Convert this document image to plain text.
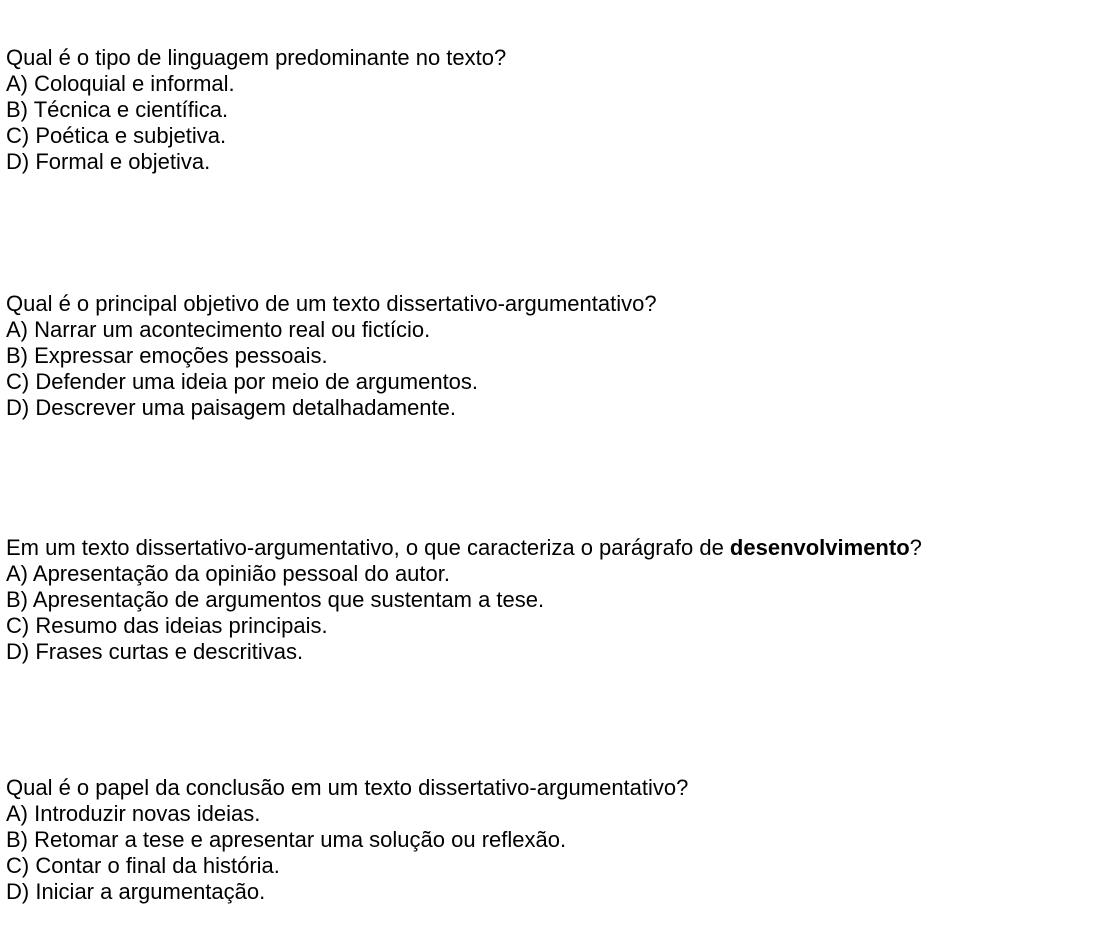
Qual é o tipo de linguagem predominante no texto?

A) Coloquial e informal.

B) Técnica e científica.

C) Poética e subjetiva.

D) Formal e objetiva.

Qual é o principal objetivo de um texto dissertativo-argumentativo?

A) Narrar um acontecimento real ou fictício.

B) Expressar emoções pessoais.

C) Defender uma ideia por meio de argumentos.

D) Descrever uma paisagem detalhadamente.

Em um texto dissertativo-argumentativo, o que caracteriza o parágrafo de desenvolvimento?

A) Apresentação da opinião pessoal do autor.

B) Apresentação de argumentos que sustentam a tese.

C) Resumo das ideias principais.

D) Frases curtas e descritivas.

Qual é o papel da conclusão em um texto dissertativo-argumentativo?

A) Introduzir novas ideias.

B) Retomar a tese e apresentar uma solução ou reflexão.

C) Contar o final da história.

D) Iniciar a argumentação.
